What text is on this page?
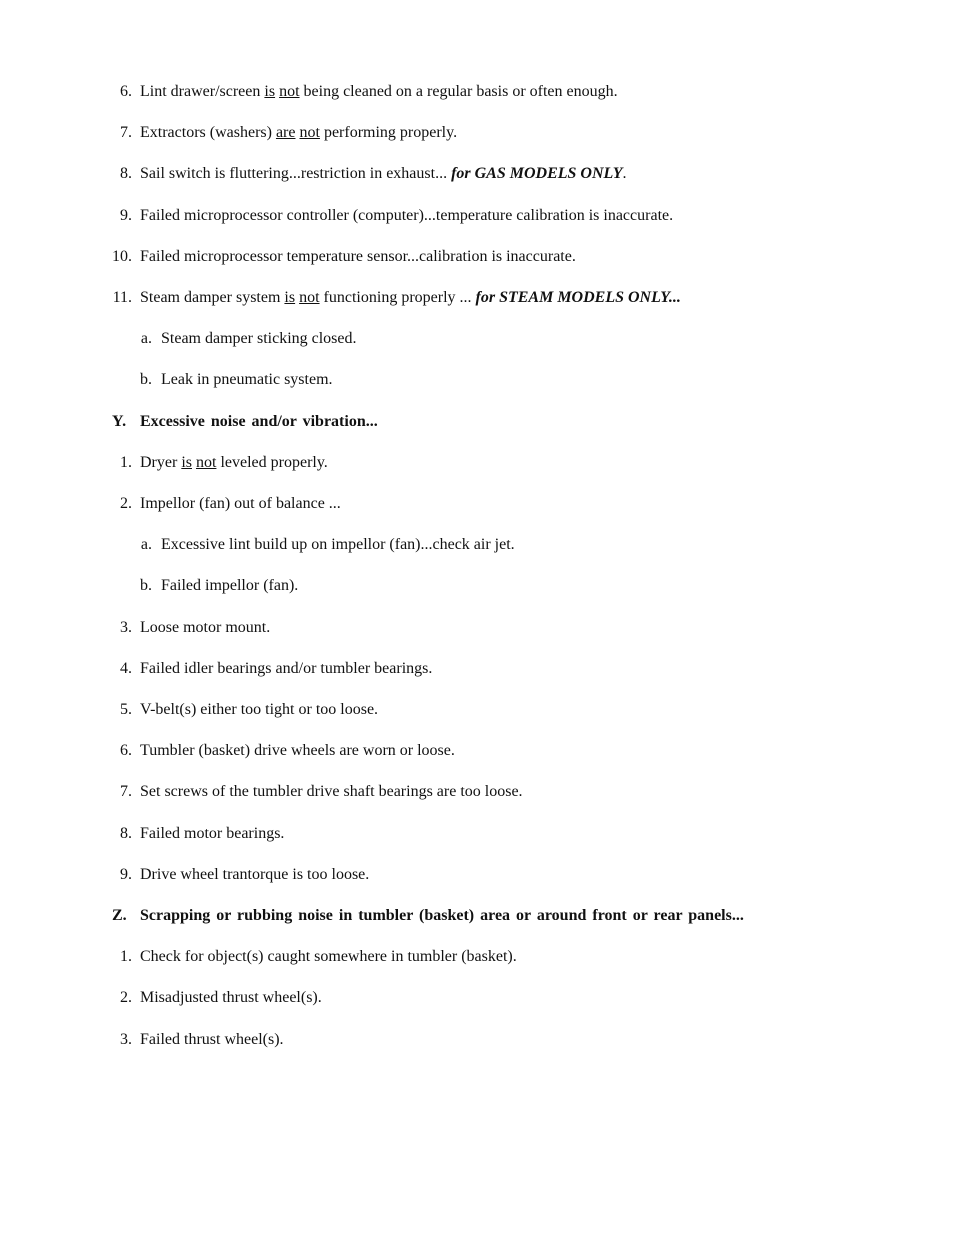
6. Lint drawer/screen is not being cleaned on a regular basis or often enough.
7. Extractors (washers) are not performing properly.
8. Sail switch is fluttering...restriction in exhaust... for GAS MODELS ONLY.
9. Failed microprocessor controller (computer)...temperature calibration is inaccurate.
10. Failed microprocessor temperature sensor...calibration is inaccurate.
11. Steam damper system is not functioning properly ... for STEAM MODELS ONLY...
a. Steam damper sticking closed.
b. Leak in pneumatic system.
Y. Excessive noise and/or vibration...
1. Dryer is not leveled properly.
2. Impellor (fan) out of balance ...
a. Excessive lint build up on impellor (fan)...check air jet.
b. Failed impellor (fan).
3. Loose motor mount.
4. Failed idler bearings and/or tumbler bearings.
5. V-belt(s) either too tight or too loose.
6. Tumbler (basket) drive wheels are worn or loose.
7. Set screws of the tumbler drive shaft bearings are too loose.
8. Failed motor bearings.
9. Drive wheel trantorque is too loose.
Z. Scrapping or rubbing noise in tumbler (basket) area or around front or rear panels...
1. Check for object(s) caught somewhere in tumbler (basket).
2. Misadjusted thrust wheel(s).
3. Failed thrust wheel(s).
